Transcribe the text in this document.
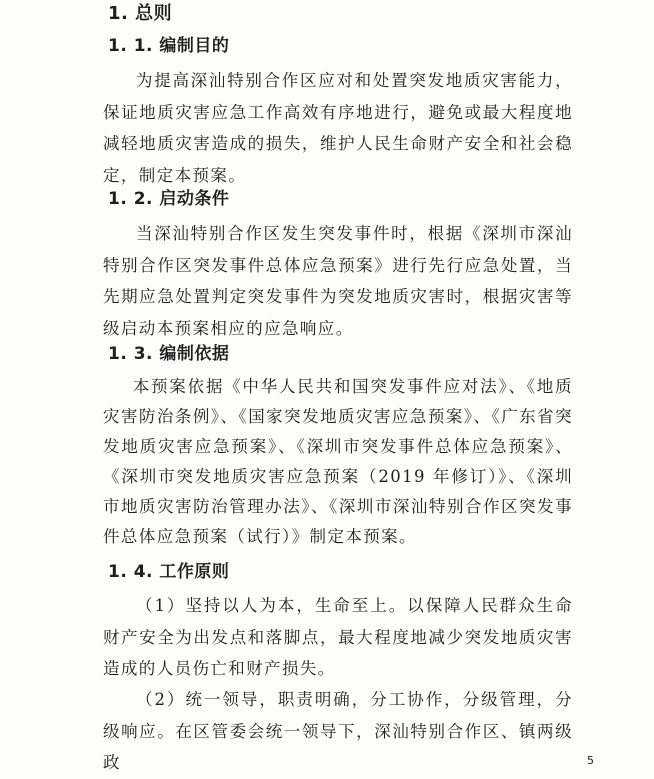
1. 总则
1. 1. 编制目的
为提高深汕特别合作区应对和处置突发地质灾害能力，保证地质灾害应急工作高效有序地进行，避免或最大程度地减轻地质灾害造成的损失，维护人民生命财产安全和社会稳定，制定本预案。
1. 2. 启动条件
当深汕特别合作区发生突发事件时，根据《深圳市深汕特别合作区突发事件总体应急预案》进行先行应急处置，当先期应急处置判定突发事件为突发地质灾害时，根据灾害等级启动本预案相应的应急响应。
1. 3. 编制依据
本预案依据《中华人民共和国突发事件应对法》、《地质灾害防治条例》、《国家突发地质灾害应急预案》、《广东省突发地质灾害应急预案》、《深圳市突发事件总体应急预案》、《深圳市突发地质灾害应急预案（2019 年修订）》、《深圳市地质灾害防治管理办法》、《深圳市深汕特别合作区突发事件总体应急预案（试行）》制定本预案。
1. 4. 工作原则
（1）坚持以人为本，生命至上。以保障人民群众生命财产安全为出发点和落脚点，最大程度地减少突发地质灾害造成的人员伤亡和财产损失。
（2）统一领导，职责明确，分工协作，分级管理，分级响应。在区管委会统一领导下，深汕特别合作区、镇两级政	5
